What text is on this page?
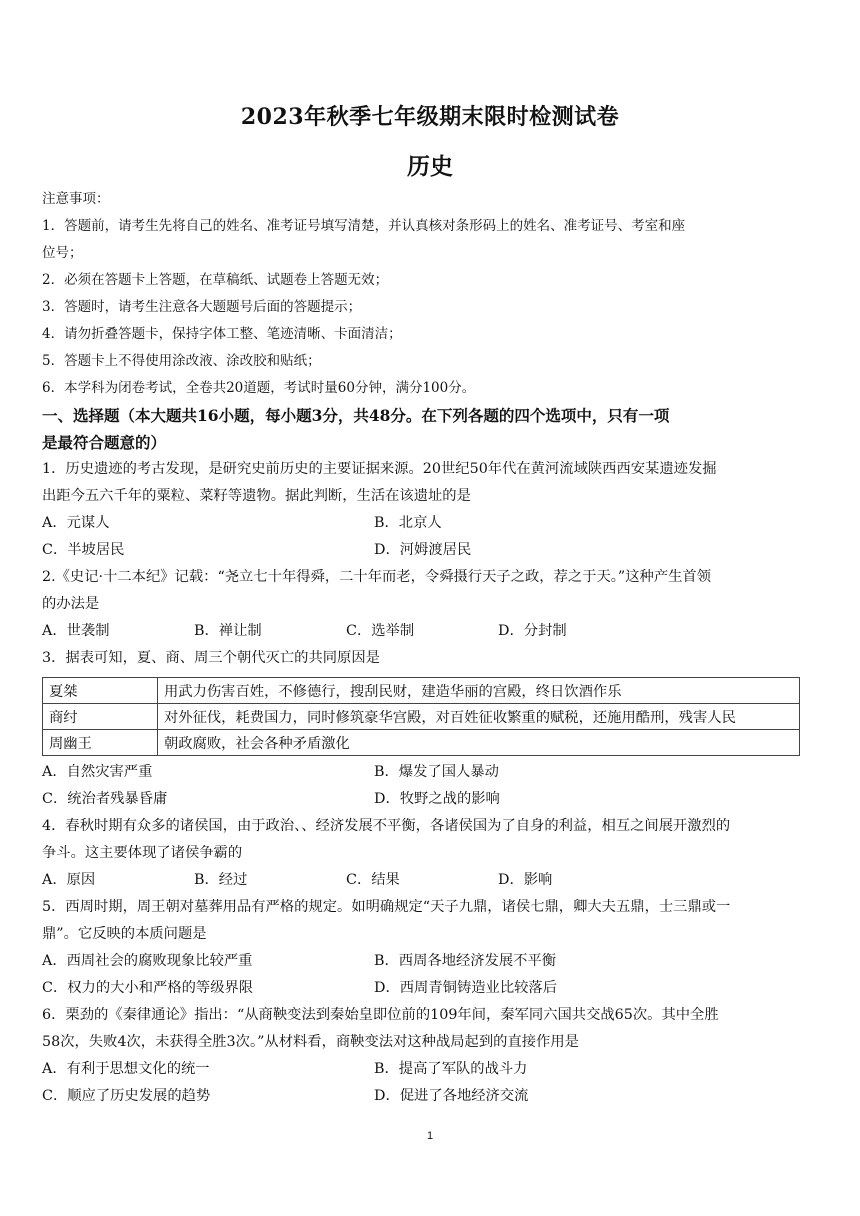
2023年秋季七年级期末限时检测试卷
历史
注意事项：
1．答题前，请考生先将自己的姓名、准考证号填写清楚，并认真核对条形码上的姓名、准考证号、考室和座
位号；
2．必须在答题卡上答题，在草稿纸、试题卷上答题无效；
3．答题时，请考生注意各大题题号后面的答题提示；
4．请勿折叠答题卡，保持字体工整、笔迹清晰、卡面清洁；
5．答题卡上不得使用涂改液、涂改胶和贴纸；
6．本学科为闭卷考试，全卷共20道题，考试时量60分钟，满分100分。
一、选择题（本大题共16小题，每小题3分，共48分。在下列各题的四个选项中，只有一项
是最符合题意的）
1．历史遗迹的考古发现，是研究史前历史的主要证据来源。20世纪50年代在黄河流域陕西西安某遗迹发掘
出距今五六千年的粟粒、菜籽等遗物。据此判断，生活在该遗址的是
A．元谋人	B．北京人
C．半坡居民	D．河姆渡居民
2.《史记·十二本纪》记载：“尧立七十年得舜，二十年而老，令舜摄行天子之政，荐之于天。”这种产生首领
的办法是
A．世袭制	B．禅让制	C．选举制	D．分封制
3．据表可知，夏、商、周三个朝代灭亡的共同原因是
夏桀	用武力伤害百姓，不修德行，搜刮民财，建造华丽的宫殿，终日饮酒作乐
商纣	对外征伐，耗费国力，同时修筑豪华宫殿，对百姓征收繁重的赋税，还施用酷刑，残害人民
周幽王	朝政腐败，社会各种矛盾激化
A．自然灾害严重	B．爆发了国人暴动
C．统治者残暴昏庸	D．牧野之战的影响
4．春秋时期有众多的诸侯国，由于政治、、经济发展不平衡，各诸侯国为了自身的利益，相互之间展开激烈的
争斗。这主要体现了诸侯争霸的
A．原因	B．经过	C．结果	D．影响
5．西周时期，周王朝对墓葬用品有严格的规定。如明确规定“天子九鼎，诸侯七鼎，卿大夫五鼎，士三鼎或一
鼎”。它反映的本质问题是
A．西周社会的腐败现象比较严重	B．西周各地经济发展不平衡
C．权力的大小和严格的等级界限	D．西周青铜铸造业比较落后
6．栗劲的《秦律通论》指出：“从商鞅变法到秦始皇即位前的109年间，秦军同六国共交战65次。其中全胜
58次，失败4次，未获得全胜3次。”从材料看，商鞅变法对这种战局起到的直接作用是
A．有利于思想文化的统一	B．提高了军队的战斗力
C．顺应了历史发展的趋势	D．促进了各地经济交流
1
